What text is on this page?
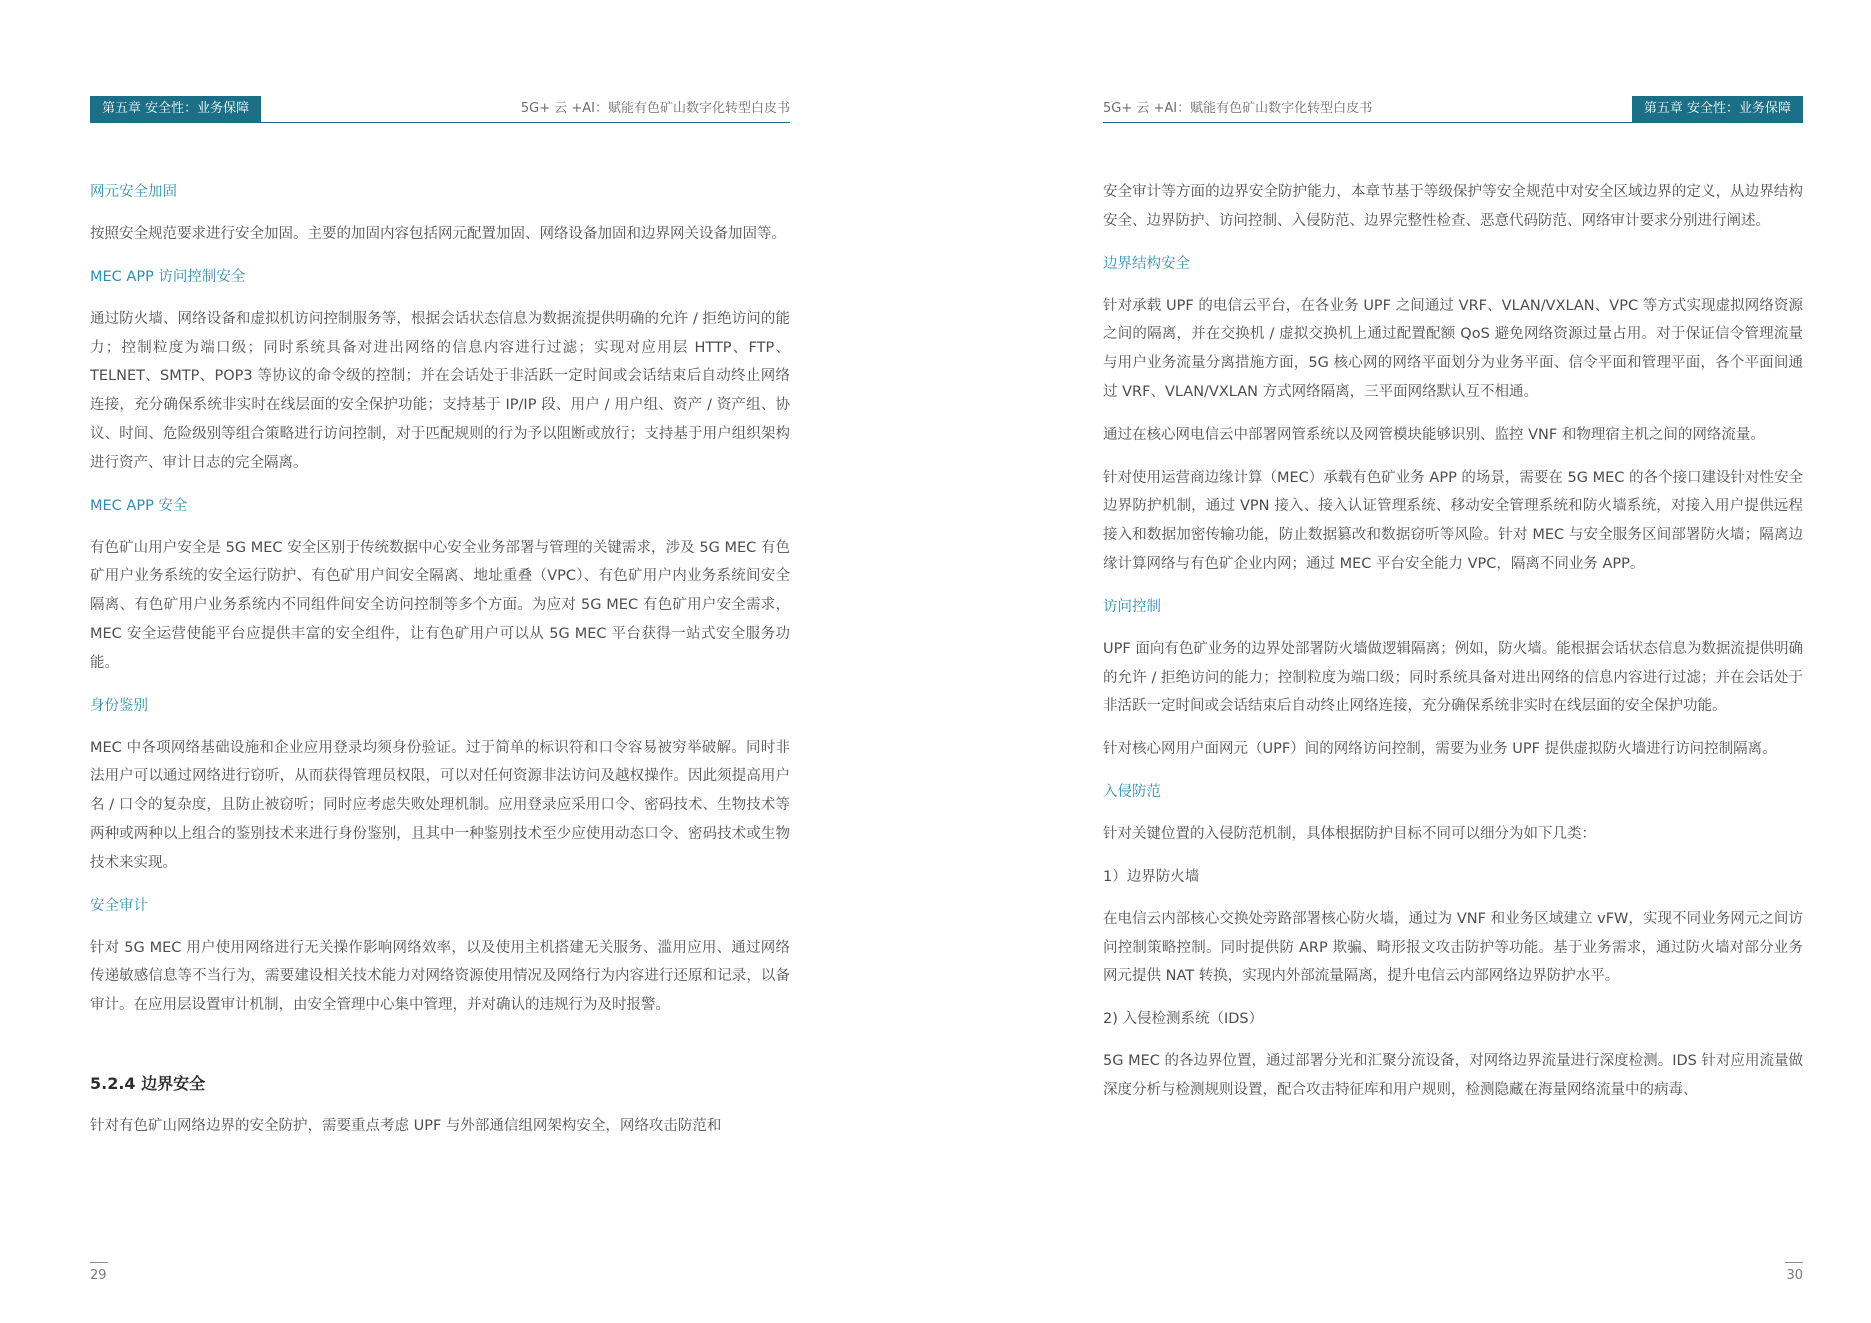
第五章 安全性：业务保障	5G+ 云 +AI：赋能有色矿山数字化转型白皮书
网元安全加固

按照安全规范要求进行安全加固。主要的加固内容包括网元配置加固、网络设备加固和边界网关设备加固等。

MEC APP 访问控制安全

通过防火墙、网络设备和虚拟机访问控制服务等，根据会话状态信息为数据流提供明确的允许 / 拒绝访问的能力；控制粒度为端口级；同时系统具备对进出网络的信息内容进行过滤；实现对应用层 HTTP、FTP、TELNET、SMTP、POP3 等协议的命令级的控制；并在会话处于非活跃一定时间或会话结束后自动终止网络连接，充分确保系统非实时在线层面的安全保护功能；支持基于 IP/IP 段、用户 / 用户组、资产 / 资产组、协议、时间、危险级别等组合策略进行访问控制，对于匹配规则的行为予以阻断或放行；支持基于用户组织架构进行资产、审计日志的完全隔离。

MEC APP 安全

有色矿山用户安全是 5G MEC 安全区别于传统数据中心安全业务部署与管理的关键需求，涉及 5G MEC 有色矿用户业务系统的安全运行防护、有色矿用户间安全隔离、地址重叠（VPC）、有色矿用户内业务系统间安全隔离、有色矿用户业务系统内不同组件间安全访问控制等多个方面。为应对 5G MEC 有色矿用户安全需求，MEC 安全运营使能平台应提供丰富的安全组件，让有色矿用户可以从 5G MEC 平台获得一站式安全服务功能。

身份鉴别

MEC 中各项网络基础设施和企业应用登录均须身份验证。过于简单的标识符和口令容易被穷举破解。同时非法用户可以通过网络进行窃听，从而获得管理员权限，可以对任何资源非法访问及越权操作。因此须提高用户名 / 口令的复杂度，且防止被窃听；同时应考虑失败处理机制。应用登录应采用口令、密码技术、生物技术等两种或两种以上组合的鉴别技术来进行身份鉴别，且其中一种鉴别技术至少应使用动态口令、密码技术或生物技术来实现。

安全审计

针对 5G MEC 用户使用网络进行无关操作影响网络效率，以及使用主机搭建无关服务、滥用应用、通过网络传递敏感信息等不当行为，需要建设相关技术能力对网络资源使用情况及网络行为内容进行还原和记录，以备审计。在应用层设置审计机制，由安全管理中心集中管理，并对确认的违规行为及时报警。

5.2.4 边界安全

针对有色矿山网络边界的安全防护，需要重点考虑 UPF 与外部通信组网架构安全，网络攻击防范和

29
5G+ 云 +AI：赋能有色矿山数字化转型白皮书	第五章 安全性：业务保障

安全审计等方面的边界安全防护能力，本章节基于等级保护等安全规范中对安全区域边界的定义，从边界结构安全、边界防护、访问控制、入侵防范、边界完整性检查、恶意代码防范、网络审计要求分别进行阐述。

边界结构安全

针对承载 UPF 的电信云平台，在各业务 UPF 之间通过 VRF、VLAN/VXLAN、VPC 等方式实现虚拟网络资源之间的隔离，并在交换机 / 虚拟交换机上通过配置配额 QoS 避免网络资源过量占用。对于保证信令管理流量与用户业务流量分离措施方面，5G 核心网的网络平面划分为业务平面、信令平面和管理平面，各个平面间通过 VRF、VLAN/VXLAN 方式网络隔离，三平面网络默认互不相通。

通过在核心网电信云中部署网管系统以及网管模块能够识别、监控 VNF 和物理宿主机之间的网络流量。

针对使用运营商边缘计算（MEC）承载有色矿业务 APP 的场景，需要在 5G MEC 的各个接口建设针对性安全边界防护机制，通过 VPN 接入、接入认证管理系统、移动安全管理系统和防火墙系统，对接入用户提供远程接入和数据加密传输功能，防止数据篡改和数据窃听等风险。针对 MEC 与安全服务区间部署防火墙；隔离边缘计算网络与有色矿企业内网；通过 MEC 平台安全能力 VPC，隔离不同业务 APP。

访问控制

UPF 面向有色矿业务的边界处部署防火墙做逻辑隔离；例如，防火墙。能根据会话状态信息为数据流提供明确的允许 / 拒绝访问的能力；控制粒度为端口级；同时系统具备对进出网络的信息内容进行过滤；并在会话处于非活跃一定时间或会话结束后自动终止网络连接，充分确保系统非实时在线层面的安全保护功能。

针对核心网用户面网元（UPF）间的网络访问控制，需要为业务 UPF 提供虚拟防火墙进行访问控制隔离。

入侵防范

针对关键位置的入侵防范机制，具体根据防护目标不同可以细分为如下几类：

1）边界防火墙

在电信云内部核心交换处旁路部署核心防火墙，通过为 VNF 和业务区域建立 vFW，实现不同业务网元之间访问控制策略控制。同时提供防 ARP 欺骗、畸形报文攻击防护等功能。基于业务需求，通过防火墙对部分业务网元提供 NAT 转换，实现内外部流量隔离，提升电信云内部网络边界防护水平。

2) 入侵检测系统（IDS）

5G MEC 的各边界位置，通过部署分光和汇聚分流设备，对网络边界流量进行深度检测。IDS 针对应用流量做深度分析与检测规则设置，配合攻击特征库和用户规则，检测隐藏在海量网络流量中的病毒、

30
